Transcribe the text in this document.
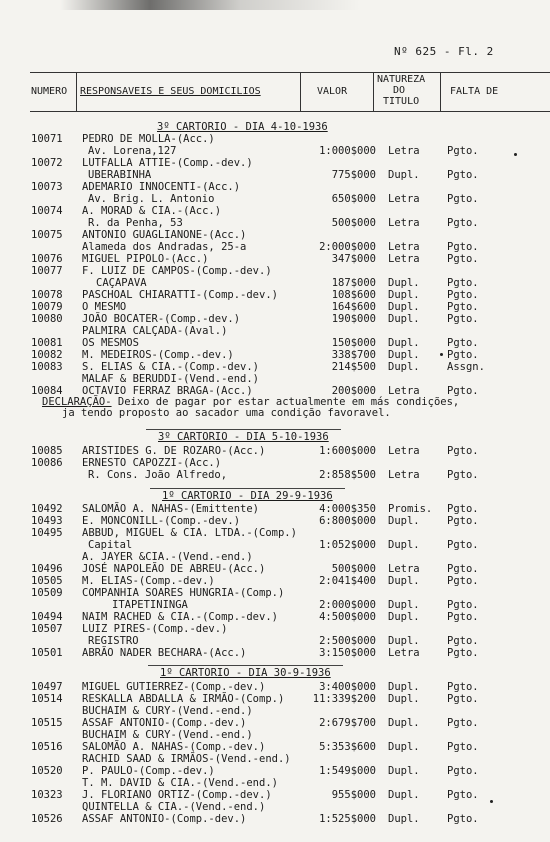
Nº 625 - Fl. 2
NUMERO RESPONSAVEIS E SEUS DOMICILIOS	VALOR
NATUREZA
DO
TITULO
FALTA DE
3º CARTORIO - DIA 4-10-1936
10071 PEDRO DE MOLLA-(Acc.)
Av. Lorena,127	1:000$000 Letra	Pgto.
10072 LUTFALLA ATTIE-(Comp.-dev.)
UBERABINHA	775$000 Dupl.	Pgto.
10073 ADEMARIO INNOCENTI-(Acc.)
Av. Brig. L. Antonio	650$000 Letra	Pgto.
10074 A. MORAD & CIA.-(Acc.)
R. da Penha, 53	500$000 Letra	Pgto.
10075 ANTONIO GUAGLIANONE-(Acc.)
Alameda dos Andradas, 25-a	2:000$000 Letra	Pgto.
10076 MIGUEL PIPOLO-(Acc.)	347$000 Letra	Pgto.
10077 F. LUIZ DE CAMPOS-(Comp.-dev.)
CAÇAPAVA	187$000 Dupl.	Pgto.
10078 PASCHOAL CHIARATTI-(Comp.-dev.)	108$600 Dupl.	Pgto.
10079 O MESMO	164$600 Dupl.	Pgto.
10080 JOÃO BOCATER-(Comp.-dev.)	190$000 Dupl.	Pgto.
PALMIRA CALÇADA-(Aval.)
10081 OS MESMOS	150$000 Dupl.	Pgto.
10082 M. MEDEIROS-(Comp.-dev.)	338$700 Dupl.	Pgto.
10083 S. ELIAS & CIA.-(Comp.-dev.)	214$500 Dupl.	Assgn.
MALAF & BERUDDI-(Vend.-end.)
10084 OCTAVIO FERRAZ BRAGA-(Acc.)	200$000 Letra	Pgto.
DECLARAÇÃO- Deixo de pagar por estar actualmente em más condições,
ja tendo proposto ao sacador uma condição favoravel.
3º CARTORIO - DIA 5-10-1936
10085 ARISTIDES G. DE ROZARO-(Acc.)	1:600$000 Letra	Pgto.
10086 ERNESTO CAPOZZI-(Acc.)
R. Cons. João Alfredo,	2:858$500 Letra	Pgto.
1º CARTORIO - DIA 29-9-1936
10492 SALOMÃO A. NAHAS-(Emittente)	4:000$350 Promis. Pgto.
10493 E. MONCONILL-(Comp.-dev.)	6:800$000 Dupl.	Pgto.
10495 ABBUD, MIGUEL & CIA. LTDA.-(Comp.)
Capital	1:052$000 Dupl.	Pgto.
A. JAYER &CIA.-(Vend.-end.)
10496 JOSÉ NAPOLEÃO DE ABREU-(Acc.)	500$000 Letra	Pgto.
10505 M. ELIAS-(Comp.-dev.)	2:041$400 Dupl.	Pgto.
10509 COMPANHIA SOARES HUNGRIA-(Comp.)
ITAPETININGA	2:000$000 Dupl.	Pgto.
10494 NAIM RACHED & CIA.-(Comp.-dev.)	4:500$000 Dupl.	Pgto.
10507 LUIZ PIRES-(Comp.-dev.)
REGISTRO	2:500$000 Dupl.	Pgto.
10501 ABRÃO NADER BECHARA-(Acc.)	3:150$000 Letra	Pgto.
1º CARTORIO - DIA 30-9-1936
10497 MIGUEL GUTIERREZ-(Comp.-dev.)	3:400$000 Dupl.	Pgto.
10514 RESKALLA ABDALLA & IRMÃO-(Comp.)	11:339$200 Dupl.	Pgto.
BUCHAIM & CURY-(Vend.-end.)
10515 ASSAF ANTONIO-(Comp.-dev.)	2:679$700 Dupl.	Pgto.
BUCHAIM & CURY-(Vend.-end.)
10516 SALOMÃO A. NAHAS-(Comp.-dev.)	5:353$600 Dupl.	Pgto.
RACHID SAAD & IRMÃOS-(Vend.-end.)
10520 P. PAULO-(Comp.-dev.)	1:549$000 Dupl.	Pgto.
T. M. DAVID & CIA.-(Vend.-end.)
10323 J. FLORIANO ORTIZ-(Comp.-dev.)	955$000 Dupl.	Pgto.
QUINTELLA & CIA.-(Vend.-end.)
10526 ASSAF ANTONIO-(Comp.-dev.)	1:525$000 Dupl.	Pgto.
